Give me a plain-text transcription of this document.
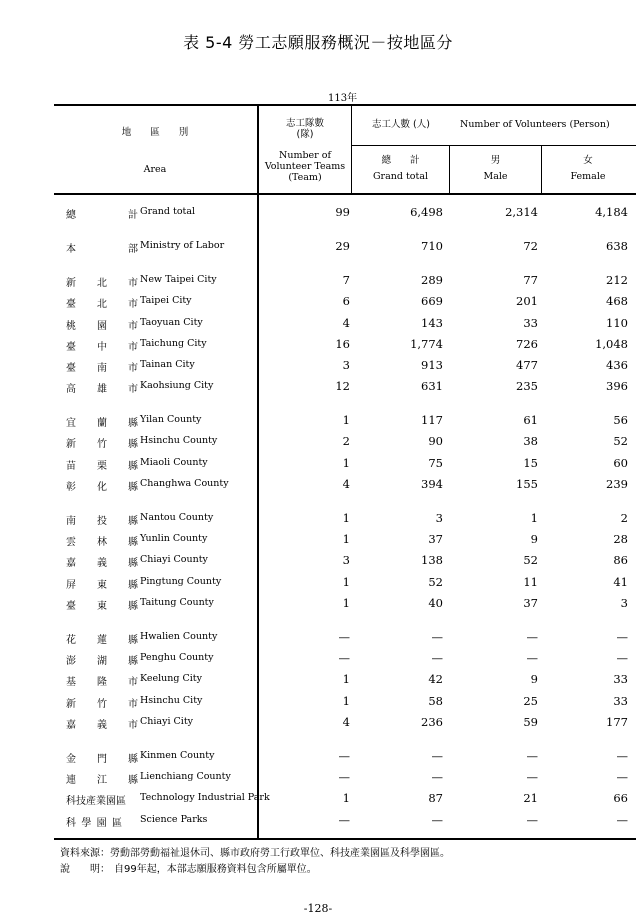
表 5-4 勞工志願服務概況－按地區分
113年
地　　區　　別
Area
志工隊數
(隊)
Number of
Volunteer Teams
(Team)
志工人數 (人)	Number of Volunteers (Person)
總　　計
Grand total
男
Male
女
Female
總	計 Grand total	99	6,498	2,314	4,184
本	部 Ministry of Labor	29	710	72	638
新 北 市 New Taipei City	7	289	77	212
臺 北 市 Taipei City	6	669	201	468
桃 園 市 Taoyuan City	4	143	33	110
臺 中 市 Taichung City	16	1,774	726	1,048
臺 南 市 Tainan City	3	913	477	436
高 雄 市 Kaohsiung City	12	631	235	396
宜 蘭 縣 Yilan County	1	117	61	56
新 竹 縣 Hsinchu County	2	90	38	52
苗 栗 縣 Miaoli County	1	75	15	60
彰 化 縣 Changhwa County	4	394	155	239
南 投 縣 Nantou County	1	3	1	2
雲 林 縣 Yunlin County	1	37	9	28
嘉 義 縣 Chiayi County	3	138	52	86
屏 東 縣 Pingtung County	1	52	11	41
臺 東 縣 Taitung County	1	40	37	3
花 蓮 縣 Hwalien County	—	—	—	—
澎 湖 縣 Penghu County	—	—	—	—
基 隆 市 Keelung City	1	42	9	33
新 竹 市 Hsinchu City	1	58	25	33
嘉 義 市 Chiayi City	4	236	59	177
金 門 縣 Kinmen County	—	—	—	—
連 江 縣 Lienchiang County	—	—	—	—
科技產業園區	Technology Industrial Park	1	87	21	66
科 學 園 區 Science Parks	—	—	—	—
資料來源：勞動部勞動福祉退休司、縣市政府勞工行政單位、科技產業園區及科學園區。
說　　明： 自99年起，本部志願服務資料包含所屬單位。
-128-
